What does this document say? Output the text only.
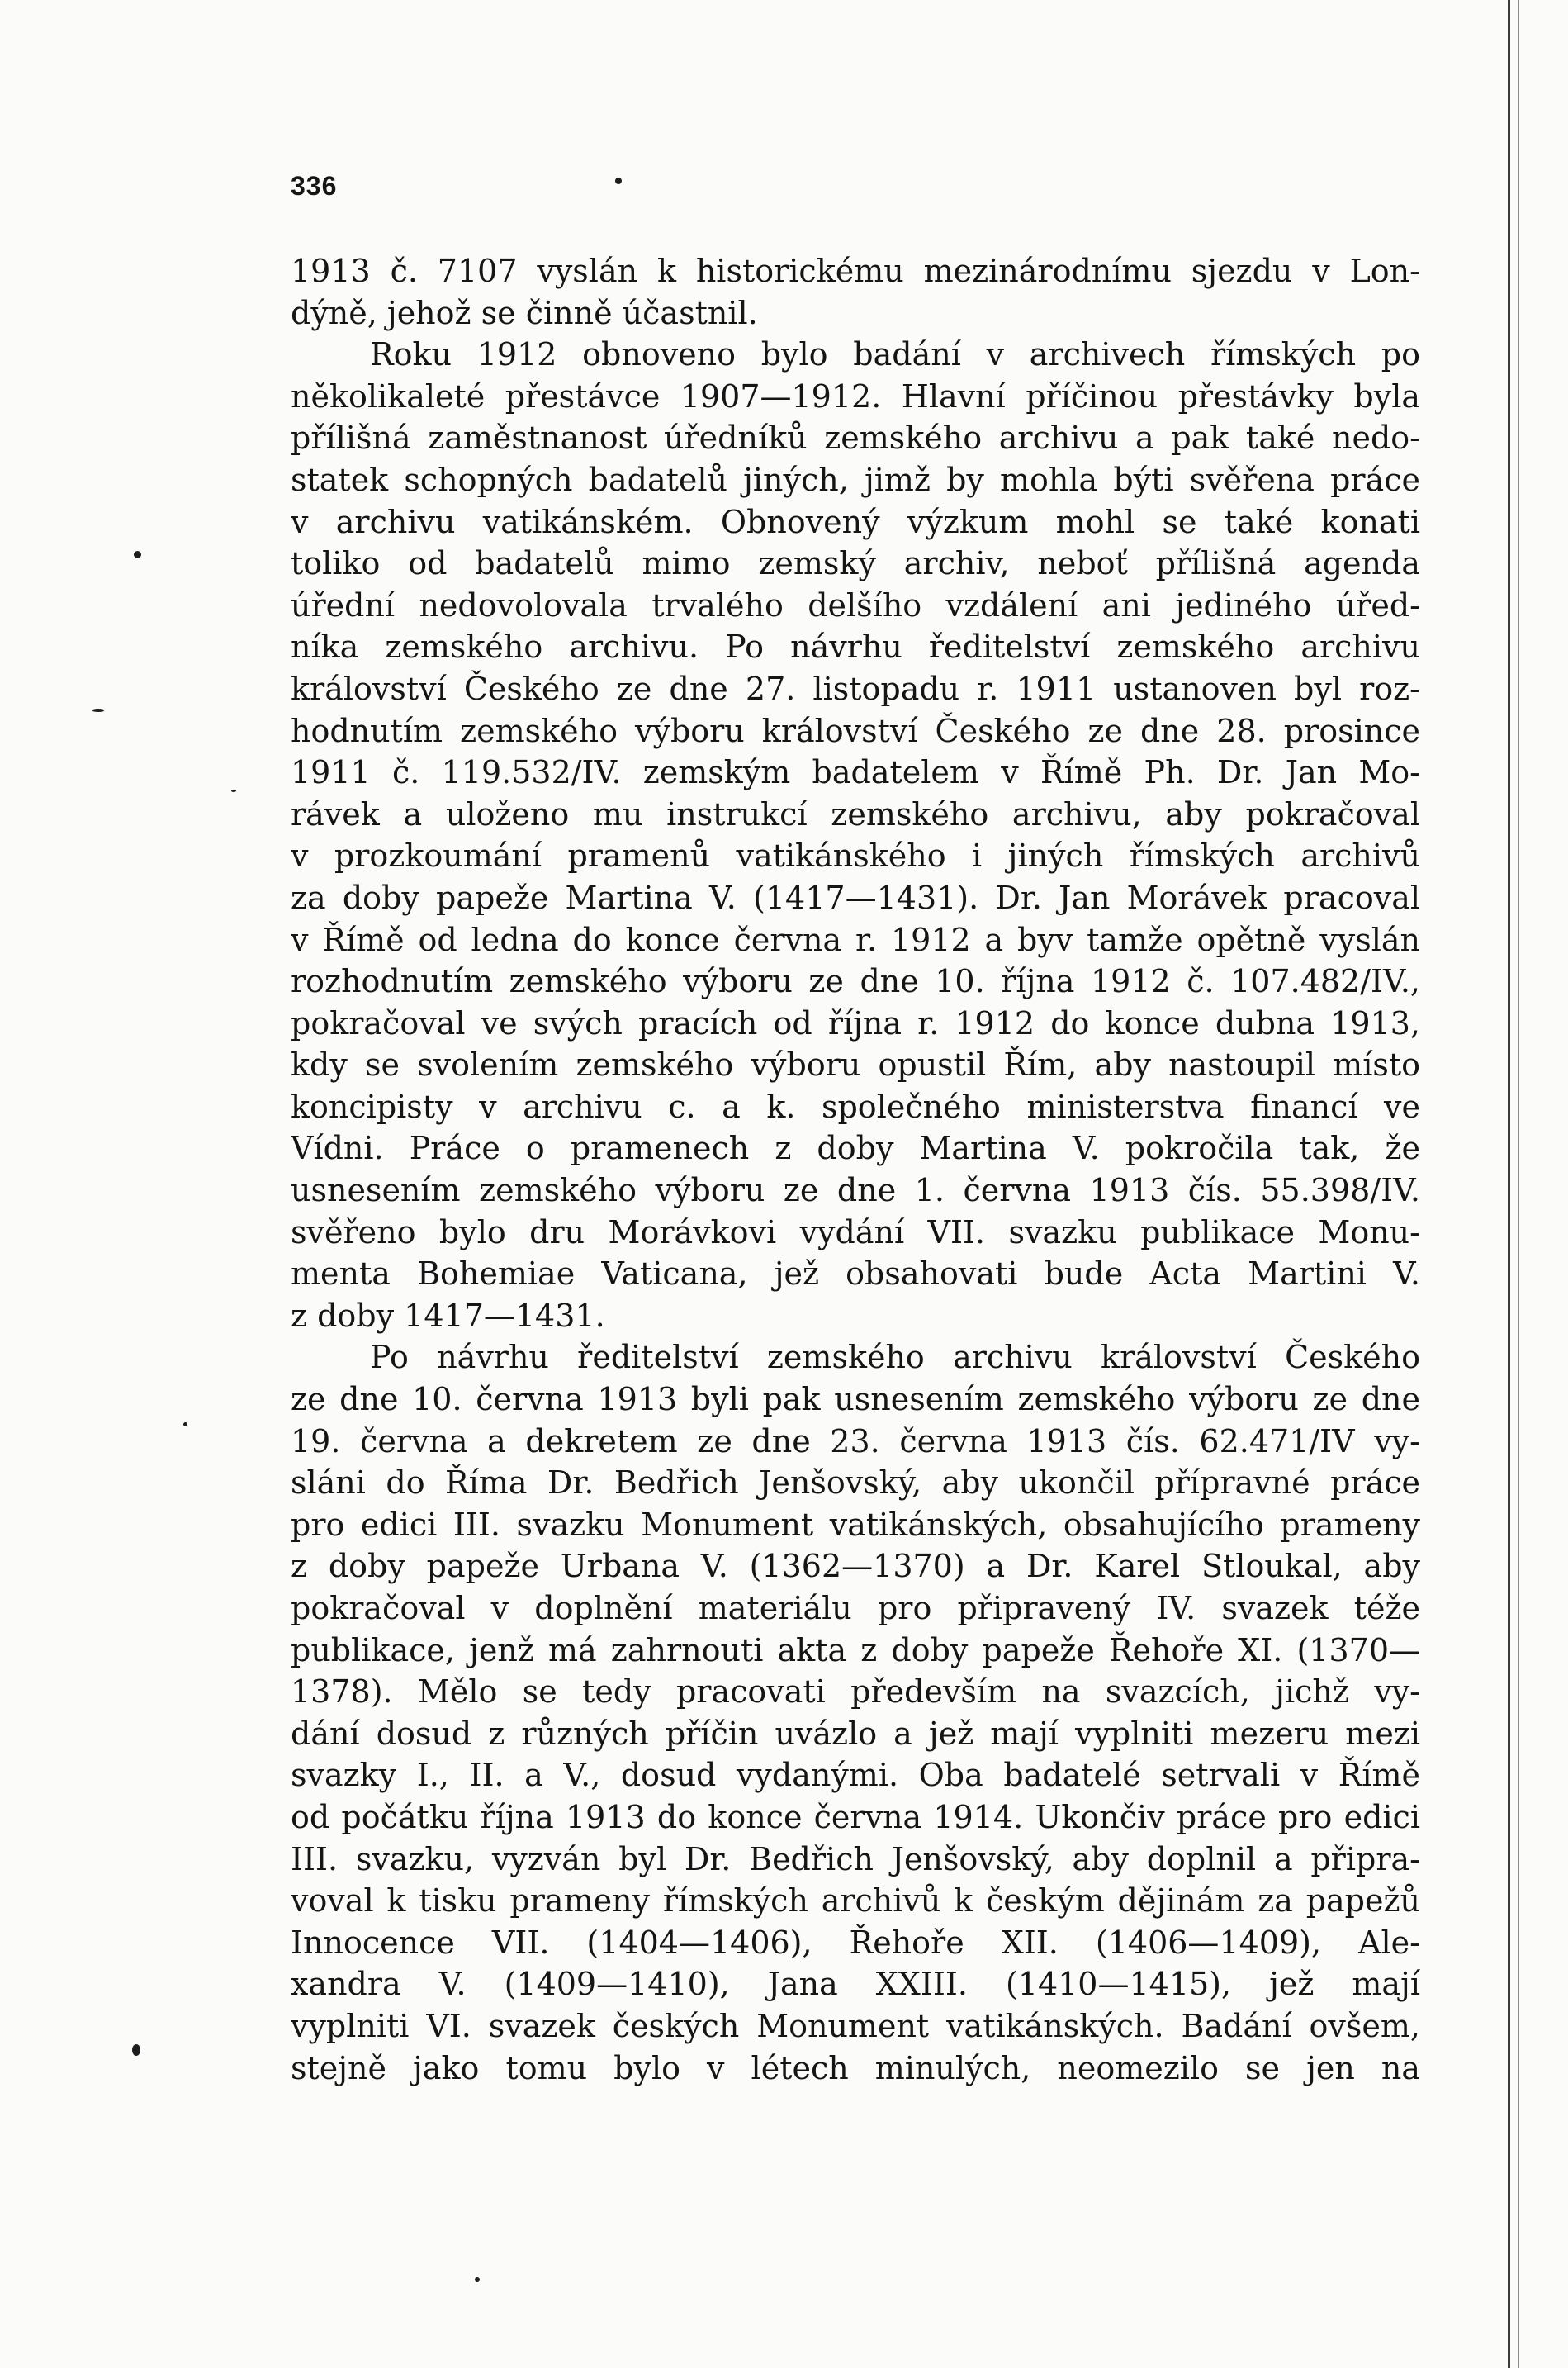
336
1913 č. 7107 vyslán k historickému mezinárodnímu sjezdu v Lon-
dýně, jehož se činně účastnil.
Roku 1912 obnoveno bylo badání v archivech římských po
několikaleté přestávce 1907—1912. Hlavní příčinou přestávky byla
přílišná zaměstnanost úředníků zemského archivu a pak také nedo-
statek schopných badatelů jiných, jimž by mohla býti svěřena práce
v archivu vatikánském. Obnovený výzkum mohl se také konati
toliko od badatelů mimo zemský archiv, neboť přílišná agenda
úřední nedovolovala trvalého delšího vzdálení ani jediného úřed-
níka zemského archivu. Po návrhu ředitelství zemského archivu
království Českého ze dne 27. listopadu r. 1911 ustanoven byl roz-
hodnutím zemského výboru království Českého ze dne 28. prosince
1911 č. 119.532/IV. zemským badatelem v Římě Ph. Dr. Jan Mo-
rávek a uloženo mu instrukcí zemského archivu, aby pokračoval
v prozkoumání pramenů vatikánského i jiných římských archivů
za doby papeže Martina V. (1417—1431). Dr. Jan Morávek pracoval
v Římě od ledna do konce června r. 1912 a byv tamže opětně vyslán
rozhodnutím zemského výboru ze dne 10. října 1912 č. 107.482/IV.,
pokračoval ve svých pracích od října r. 1912 do konce dubna 1913,
kdy se svolením zemského výboru opustil Řím, aby nastoupil místo
koncipisty v archivu c. a k. společného ministerstva financí ve
Vídni. Práce o pramenech z doby Martina V. pokročila tak, že
usnesením zemského výboru ze dne 1. června 1913 čís. 55.398/IV.
svěřeno bylo dru Morávkovi vydání VII. svazku publikace Monu-
menta Bohemiae Vaticana, jež obsahovati bude Acta Martini V.
z doby 1417—1431.
Po návrhu ředitelství zemského archivu království Českého
ze dne 10. června 1913 byli pak usnesením zemského výboru ze dne
19. června a dekretem ze dne 23. června 1913 čís. 62.471/IV vy-
sláni do Říma Dr. Bedřich Jenšovský, aby ukončil přípravné práce
pro edici III. svazku Monument vatikánských, obsahujícího prameny
z doby papeže Urbana V. (1362—1370) a Dr. Karel Stloukal, aby
pokračoval v doplnění materiálu pro připravený IV. svazek téže
publikace, jenž má zahrnouti akta z doby papeže Řehoře XI. (1370—
1378). Mělo se tedy pracovati především na svazcích, jichž vy-
dání dosud z různých příčin uvázlo a jež mají vyplniti mezeru mezi
svazky I., II. a V., dosud vydanými. Oba badatelé setrvali v Římě
od počátku října 1913 do konce června 1914. Ukončiv práce pro edici
III. svazku, vyzván byl Dr. Bedřich Jenšovský, aby doplnil a připra-
voval k tisku prameny římských archivů k českým dějinám za papežů
Innocence VII. (1404—1406), Řehoře XII. (1406—1409), Ale-
xandra V. (1409—1410), Jana XXIII. (1410—1415), jež mají
vyplniti VI. svazek českých Monument vatikánských. Badání ovšem,
stejně jako tomu bylo v létech minulých, neomezilo se jen na
